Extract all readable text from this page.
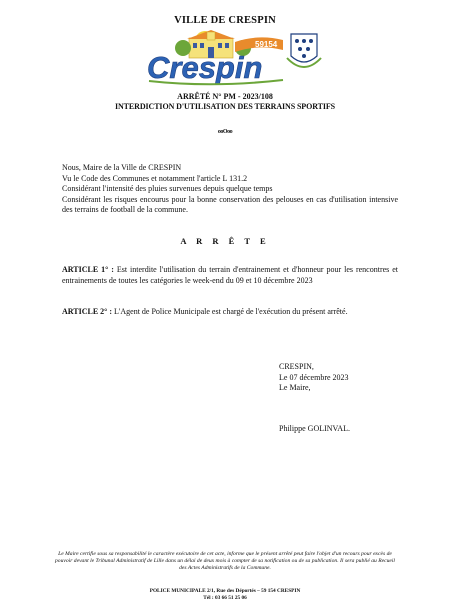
VILLE DE CRESPIN
59154
Crespin
ARRÊTÉ N° PM - 2023/108
INTERDICTION D'UTILISATION DES TERRAINS SPORTIFS
ooOoo
Nous, Maire de la Ville de CRESPIN
Vu le Code des Communes et notamment l'article L 131.2
Considérant l'intensité des pluies survenues depuis quelque temps
Considérant les risques encourus pour la bonne conservation des pelouses en cas d'utilisation intensive des terrains de football de la commune.
A R R Ê T E
ARTICLE 1° : Est interdite l'utilisation du terrain d'entrainement et d'honneur pour les rencontres et entrainements de toutes les catégories le week-end du 09 et 10 décembre 2023
ARTICLE 2° : L'Agent de Police Municipale est chargé de l'exécution du présent arrêté.
CRESPIN,
Le 07 décembre 2023
Le Maire,
Philippe GOLINVAL.
Le Maire certifie sous sa responsabilité le caractère exécutoire de cet acte, informe que le présent arrêté peut faire l'objet d'un recours pour excès de pouvoir devant le Tribunal Administratif de Lille dans un délai de deux mois à compter de sa notification ou de sa publication. Il sera publié au Recueil des Actes Administratifs de la Commune.
POLICE MUNICIPALE 2/1, Rue des Déportés – 59 154 CRESPIN
Tél : 03 66 51 25 06
